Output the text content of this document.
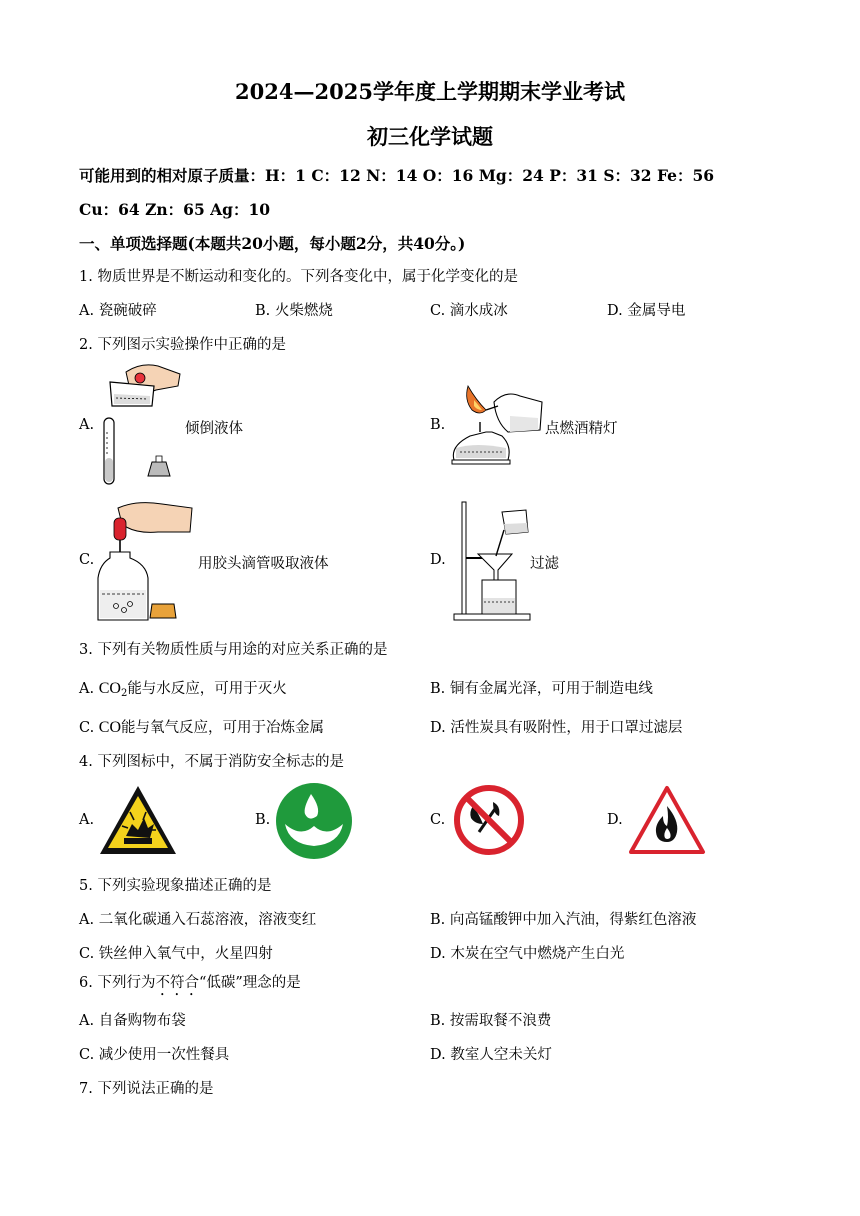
2024—2025学年度上学期期末学业考试
初三化学试题
可能用到的相对原子质量：H：1 C：12 N：14 O：16 Mg：24 P：31 S：32 Fe：56
Cu：64 Zn：65 Ag：10
一、单项选择题(本题共20小题，每小题2分，共40分。)
1. 物质世界是不断运动和变化的。下列各变化中，属于化学变化的是
A. 瓷碗破碎	B. 火柴燃烧	C. 滴水成冰	D. 金属导电
2. 下列图示实验操作中正确的是
A.	倾倒液体	B.	点燃酒精灯
C.	用胶头滴管吸取液体	D.	过滤
3. 下列有关物质性质与用途的对应关系正确的是
A. $CO_2$能与水反应，可用于灭火	B. 铜有金属光泽，可用于制造电线
C. CO能与氧气反应，可用于冶炼金属	D. 活性炭具有吸附性，用于口罩过滤层
4. 下列图标中，不属于消防安全标志的是
A.	B.	C.	D.
5. 下列实验现象描述正确的是
A. 二氧化碳通入石蕊溶液，溶液变红	B. 向高锰酸钾中加入汽油，得紫红色溶液
C. 铁丝伸入氧气中，火星四射	D. 木炭在空气中燃烧产生白光
6. 下列行为不符合“低碳”理念的是
A. 自备购物布袋	B. 按需取餐不浪费
C. 减少使用一次性餐具	D. 教室人空未关灯
7. 下列说法正确的是
